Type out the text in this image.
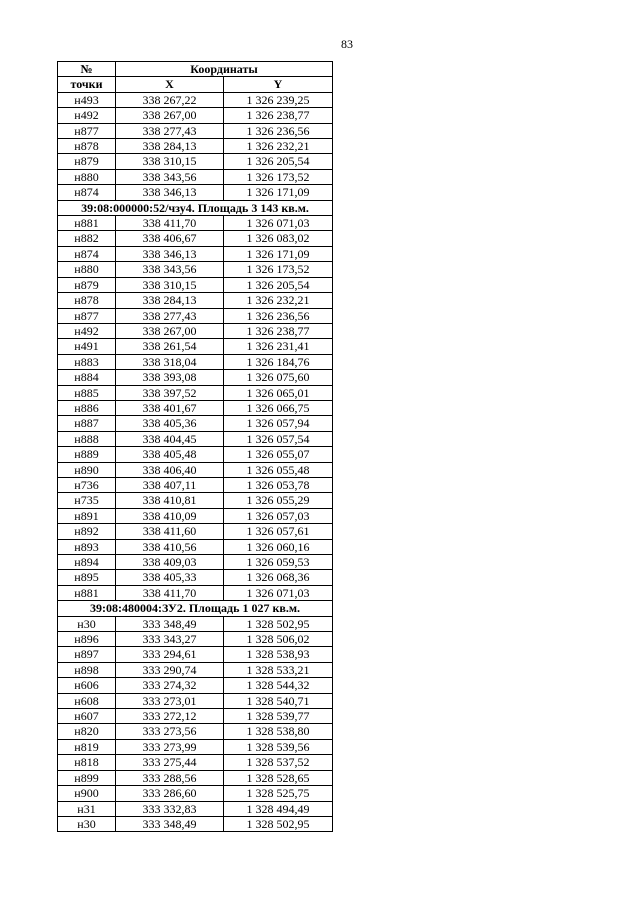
83
№	Координаты	
точки	X	Y
н493	338 267,22	1 326 239,25
н492	338 267,00	1 326 238,77
н877	338 277,43	1 326 236,56
н878	338 284,13	1 326 232,21
н879	338 310,15	1 326 205,54
н880	338 343,56	1 326 173,52
н874	338 346,13	1 326 171,09
39:08:000000:52/чзу4. Площадь 3 143 кв.м.		
н881	338 411,70	1 326 071,03
н882	338 406,67	1 326 083,02
н874	338 346,13	1 326 171,09
н880	338 343,56	1 326 173,52
н879	338 310,15	1 326 205,54
н878	338 284,13	1 326 232,21
н877	338 277,43	1 326 236,56
н492	338 267,00	1 326 238,77
н491	338 261,54	1 326 231,41
н883	338 318,04	1 326 184,76
н884	338 393,08	1 326 075,60
н885	338 397,52	1 326 065,01
н886	338 401,67	1 326 066,75
н887	338 405,36	1 326 057,94
н888	338 404,45	1 326 057,54
н889	338 405,48	1 326 055,07
н890	338 406,40	1 326 055,48
н736	338 407,11	1 326 053,78
н735	338 410,81	1 326 055,29
н891	338 410,09	1 326 057,03
н892	338 411,60	1 326 057,61
н893	338 410,56	1 326 060,16
н894	338 409,03	1 326 059,53
н895	338 405,33	1 326 068,36
н881	338 411,70	1 326 071,03
39:08:480004:ЗУ2. Площадь 1 027 кв.м.		
н30	333 348,49	1 328 502,95
н896	333 343,27	1 328 506,02
н897	333 294,61	1 328 538,93
н898	333 290,74	1 328 533,21
н606	333 274,32	1 328 544,32
н608	333 273,01	1 328 540,71
н607	333 272,12	1 328 539,77
н820	333 273,56	1 328 538,80
н819	333 273,99	1 328 539,56
н818	333 275,44	1 328 537,52
н899	333 288,56	1 328 528,65
н900	333 286,60	1 328 525,75
н31	333 332,83	1 328 494,49
н30	333 348,49	1 328 502,95
